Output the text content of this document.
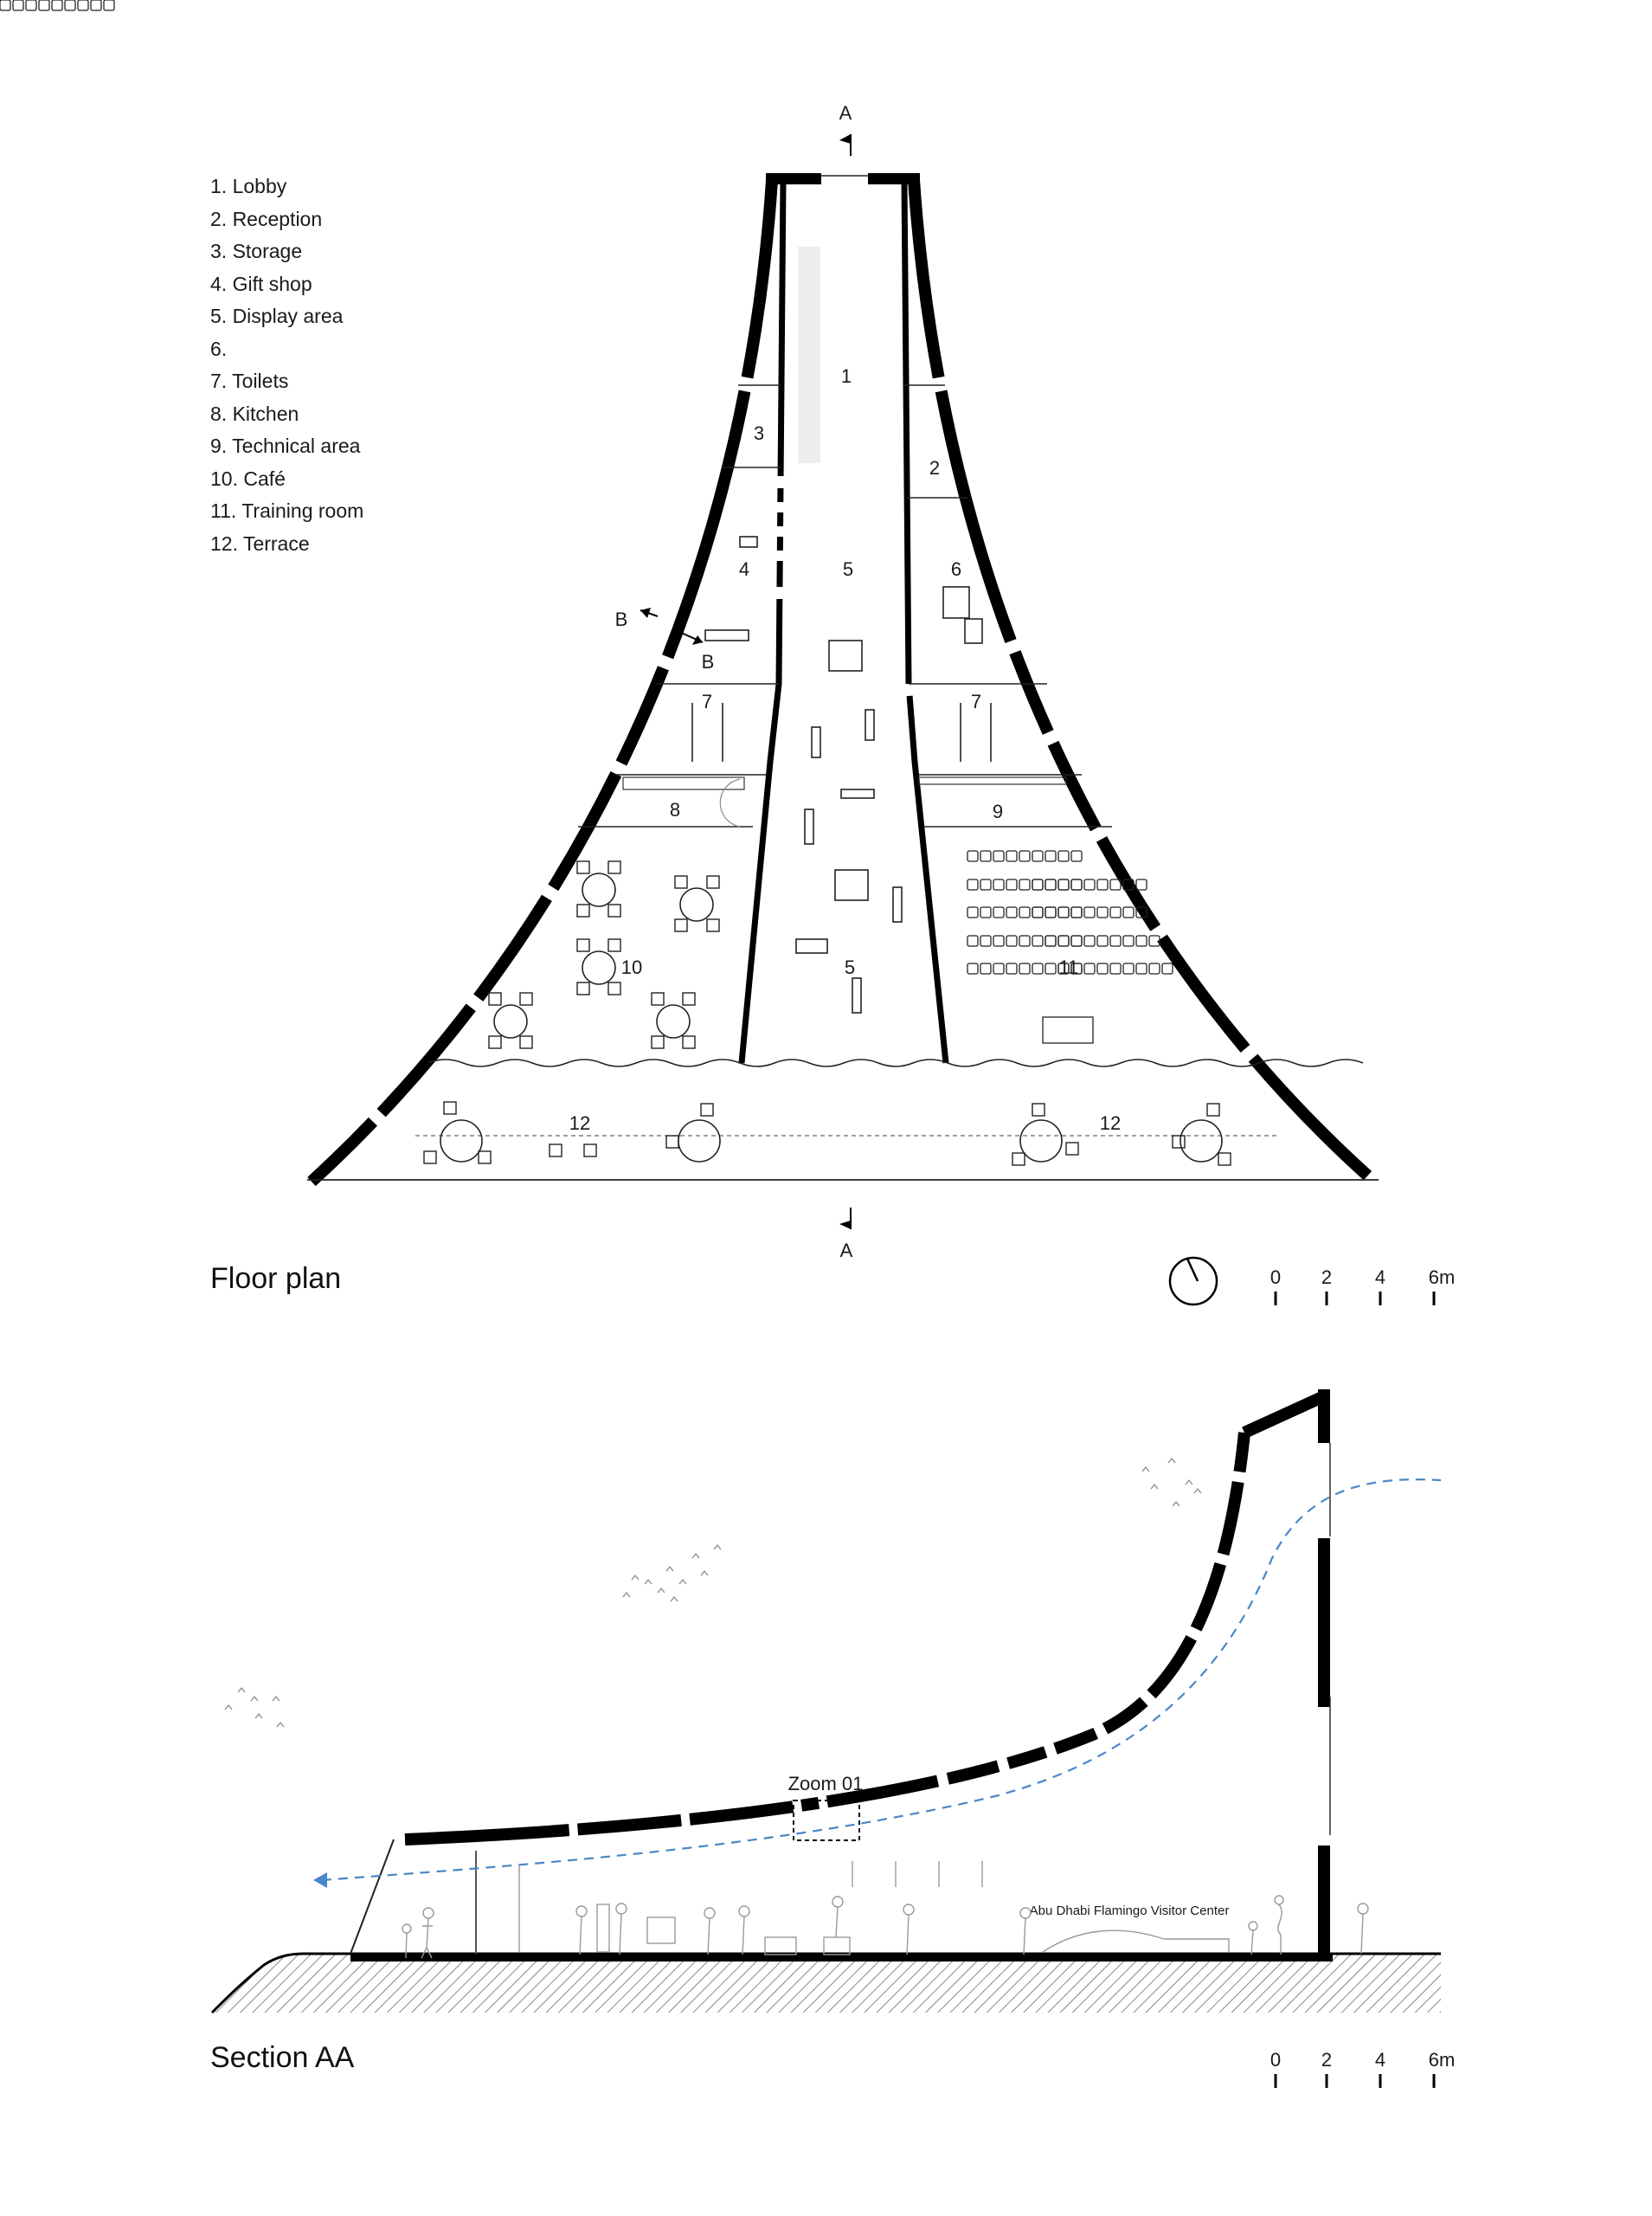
1. Lobby
2. Reception
3. Storage
4. Gift shop
5. Display area
6.
7. Toilets
8. Kitchen
9. Technical area
10. Café
11. Training room
12. Terrace
Floor plan
Section AA
1
2
3
4	5	6
7	7
8	9
5
10	11
12	12
A
A
B
B
0 2 4 6m
Zoom 01
Abu Dhabi Flamingo Visitor Center
0 2 4 6m
